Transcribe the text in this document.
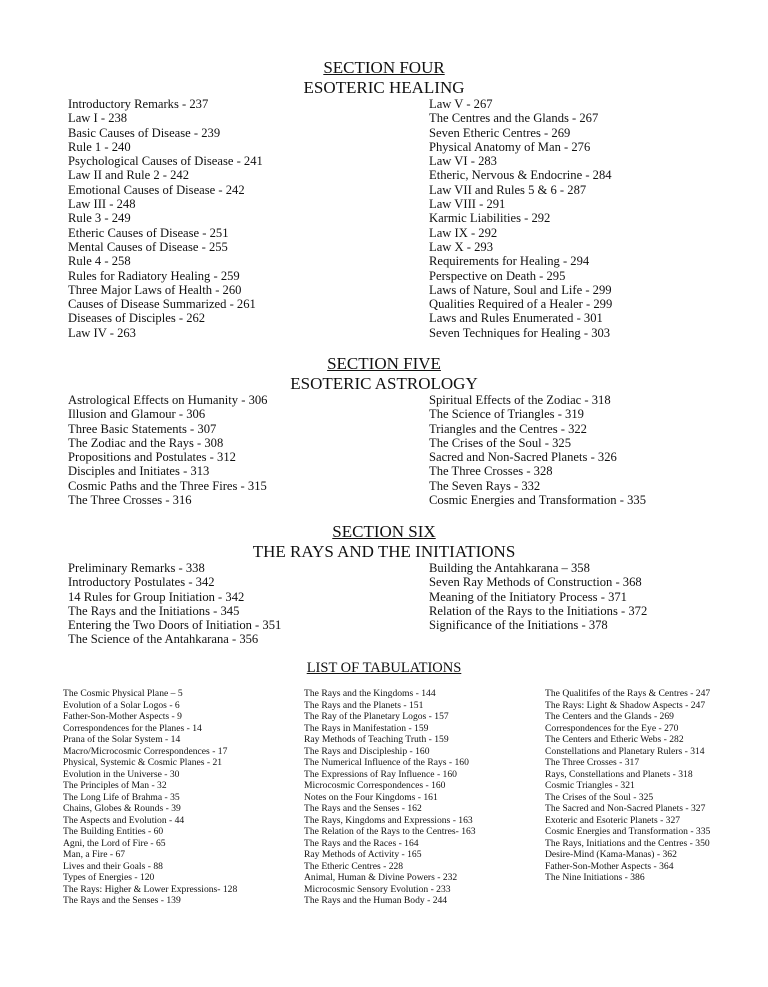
SECTION FOUR
ESOTERIC HEALING
Introductory Remarks - 237
Law I - 238
Basic Causes of Disease - 239
Rule 1 - 240
Psychological Causes of Disease - 241
Law II and Rule 2 - 242
Emotional Causes of Disease - 242
Law III - 248
Rule 3 - 249
Etheric Causes of Disease - 251
Mental Causes of Disease - 255
Rule 4 - 258
Rules for Radiatory Healing - 259
Three Major Laws of Health - 260
Causes of Disease Summarized - 261
Diseases of Disciples - 262
Law IV - 263
Law V - 267
The Centres and the Glands - 267
Seven Etheric Centres - 269
Physical Anatomy of Man - 276
Law VI - 283
Etheric, Nervous & Endocrine - 284
Law VII and Rules 5 & 6 - 287
Law VIII - 291
Karmic Liabilities - 292
Law IX - 292
Law X - 293
Requirements for Healing - 294
Perspective on Death - 295
Laws of Nature, Soul and Life - 299
Qualities Required of a Healer - 299
Laws and Rules Enumerated - 301
Seven Techniques for Healing - 303
SECTION FIVE
ESOTERIC ASTROLOGY
Astrological Effects on Humanity - 306
Illusion and Glamour - 306
Three Basic Statements - 307
The Zodiac and the Rays - 308
Propositions and Postulates - 312
Disciples and Initiates - 313
Cosmic Paths and the Three Fires - 315
The Three Crosses - 316
Spiritual Effects of the Zodiac - 318
The Science of Triangles - 319
Triangles and the Centres - 322
The Crises of the Soul - 325
Sacred and Non-Sacred Planets - 326
The Three Crosses - 328
The Seven Rays - 332
Cosmic Energies and Transformation - 335
SECTION SIX
THE RAYS AND THE INITIATIONS
Preliminary Remarks - 338
Introductory Postulates - 342
14 Rules for Group Initiation - 342
The Rays and the Initiations - 345
Entering the Two Doors of Initiation - 351
The Science of the Antahkarana - 356
Building the Antahkarana – 358
Seven Ray Methods of Construction - 368
Meaning of the Initiatory Process - 371
Relation of the Rays to the Initiations - 372
Significance of the Initiations - 378
LIST OF TABULATIONS
The Cosmic Physical Plane – 5
Evolution of a Solar Logos - 6
Father-Son-Mother Aspects - 9
Correspondences for the Planes - 14
Prana of the Solar System - 14
Macro/Microcosmic Correspondences - 17
Physical, Systemic & Cosmic Planes - 21
Evolution in the Universe - 30
The Principles of Man - 32
The Long Life of Brahma - 35
Chains, Globes & Rounds - 39
The Aspects and Evolution - 44
The Building Entities - 60
Agni, the Lord of Fire - 65
Man, a Fire - 67
Lives and their Goals - 88
Types of Energies - 120
The Rays: Higher & Lower Expressions- 128
The Rays and the Senses - 139
The Rays and the Kingdoms - 144
The Rays and the Planets - 151
The Ray of the Planetary Logos - 157
The Rays in Manifestation - 159
Ray Methods of Teaching Truth - 159
The Rays and Discipleship - 160
The Numerical Influence of the Rays - 160
The Expressions of Ray Influence - 160
Microcosmic Correspondences - 160
Notes on the Four Kingdoms - 161
The Rays and the Senses - 162
The Rays, Kingdoms and Expressions - 163
The Relation of the Rays to the Centres- 163
The Rays and the Races - 164
Ray Methods of Activity - 165
The Etheric Centres - 228
Animal, Human & Divine Powers - 232
Microcosmic Sensory Evolution - 233
The Rays and the Human Body - 244
The Qualitifes of the Rays & Centres - 247
The Rays: Light & Shadow Aspects - 247
The Centers and the Glands - 269
Correspondences for the Eye - 270
The Centers and Etheric Webs - 282
Constellations and Planetary Rulers - 314
The Three Crosses - 317
Rays, Constellations and Planets - 318
Cosmic Triangles - 321
The Crises of the Soul - 325
The Sacred and Non-Sacred Planets - 327
Exoteric and Esoteric Planets - 327
Cosmic Energies and Transformation - 335
The Rays, Initiations and the Centres - 350
Desire-Mind (Kama-Manas) - 362
Father-Son-Mother Aspects - 364
The Nine Initiations - 386
